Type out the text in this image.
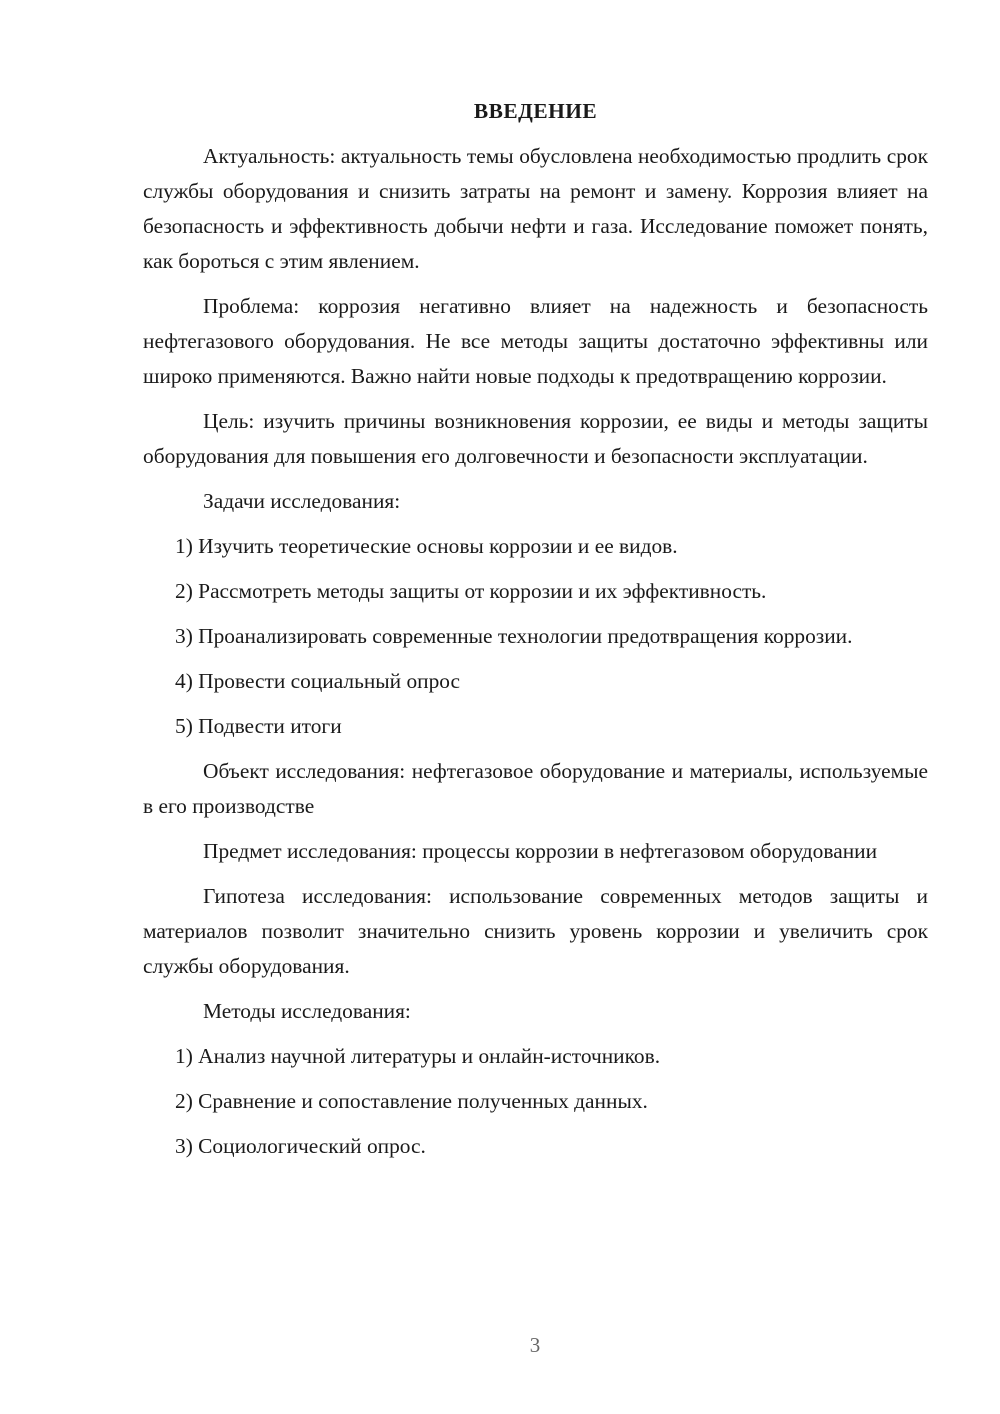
ВВЕДЕНИЕ

Актуальность: актуальность темы обусловлена необходимостью продлить срок службы оборудования и снизить затраты на ремонт и замену. Коррозия влияет на безопасность и эффективность добычи нефти и газа. Исследование поможет понять, как бороться с этим явлением.

Проблема: коррозия негативно влияет на надежность и безопасность нефтегазового оборудования. Не все методы защиты достаточно эффективны или широко применяются. Важно найти новые подходы к предотвращению коррозии.

Цель: изучить причины возникновения коррозии, ее виды и методы защиты оборудования для повышения его долговечности и безопасности эксплуатации.

Задачи исследования:

1) Изучить теоретические основы коррозии и ее видов.

2) Рассмотреть методы защиты от коррозии и их эффективность.

3) Проанализировать современные технологии предотвращения коррозии.

4) Провести социальный опрос

5) Подвести итоги

Объект исследования: нефтегазовое оборудование и материалы, используемые в его производстве

Предмет исследования: процессы коррозии в нефтегазовом оборудовании

Гипотеза исследования: использование современных методов защиты и материалов позволит значительно снизить уровень коррозии и увеличить срок службы оборудования.

Методы исследования:

1) Анализ научной литературы и онлайн-источников.

2) Сравнение и сопоставление полученных данных.

3) Социологический опрос.

3
